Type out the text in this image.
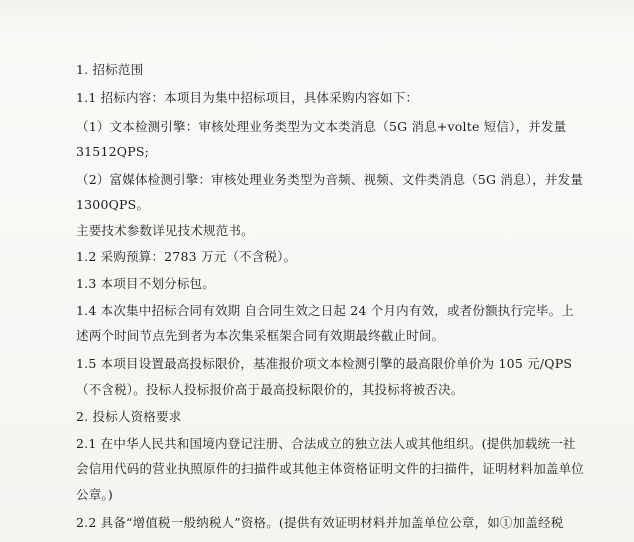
1. 招标范围
1.1 招标内容：本项目为集中招标项目，具体采购内容如下：
（1）文本检测引擎：审核处理业务类型为文本类消息（5G 消息+volte 短信），并发量
31512QPS;
（2）富媒体检测引擎：审核处理业务类型为音频、视频、文件类消息（5G 消息），并发量
1300QPS。
主要技术参数详见技术规范书。
1.2 采购预算：2783 万元（不含税）。
1.3 本项目不划分标包。
1.4 本次集中招标合同有效期 自合同生效之日起 24 个月内有效，或者份额执行完毕。上
述两个时间节点先到者为本次集采框架合同有效期最终截止时间。
1.5 本项目设置最高投标限价，基准报价项文本检测引擎的最高限价单价为 105 元/QPS
（不含税）。投标人投标报价高于最高投标限价的，其投标将被否决。
2. 投标人资格要求
2.1 在中华人民共和国境内登记注册、合法成立的独立法人或其他组织。(提供加载统一社
会信用代码的营业执照原件的扫描件或其他主体资格证明文件的扫描件，证明材料加盖单位
公章。)
2.2 具备“增值税一般纳税人”资格。(提供有效证明材料并加盖单位公章，如①加盖经税
